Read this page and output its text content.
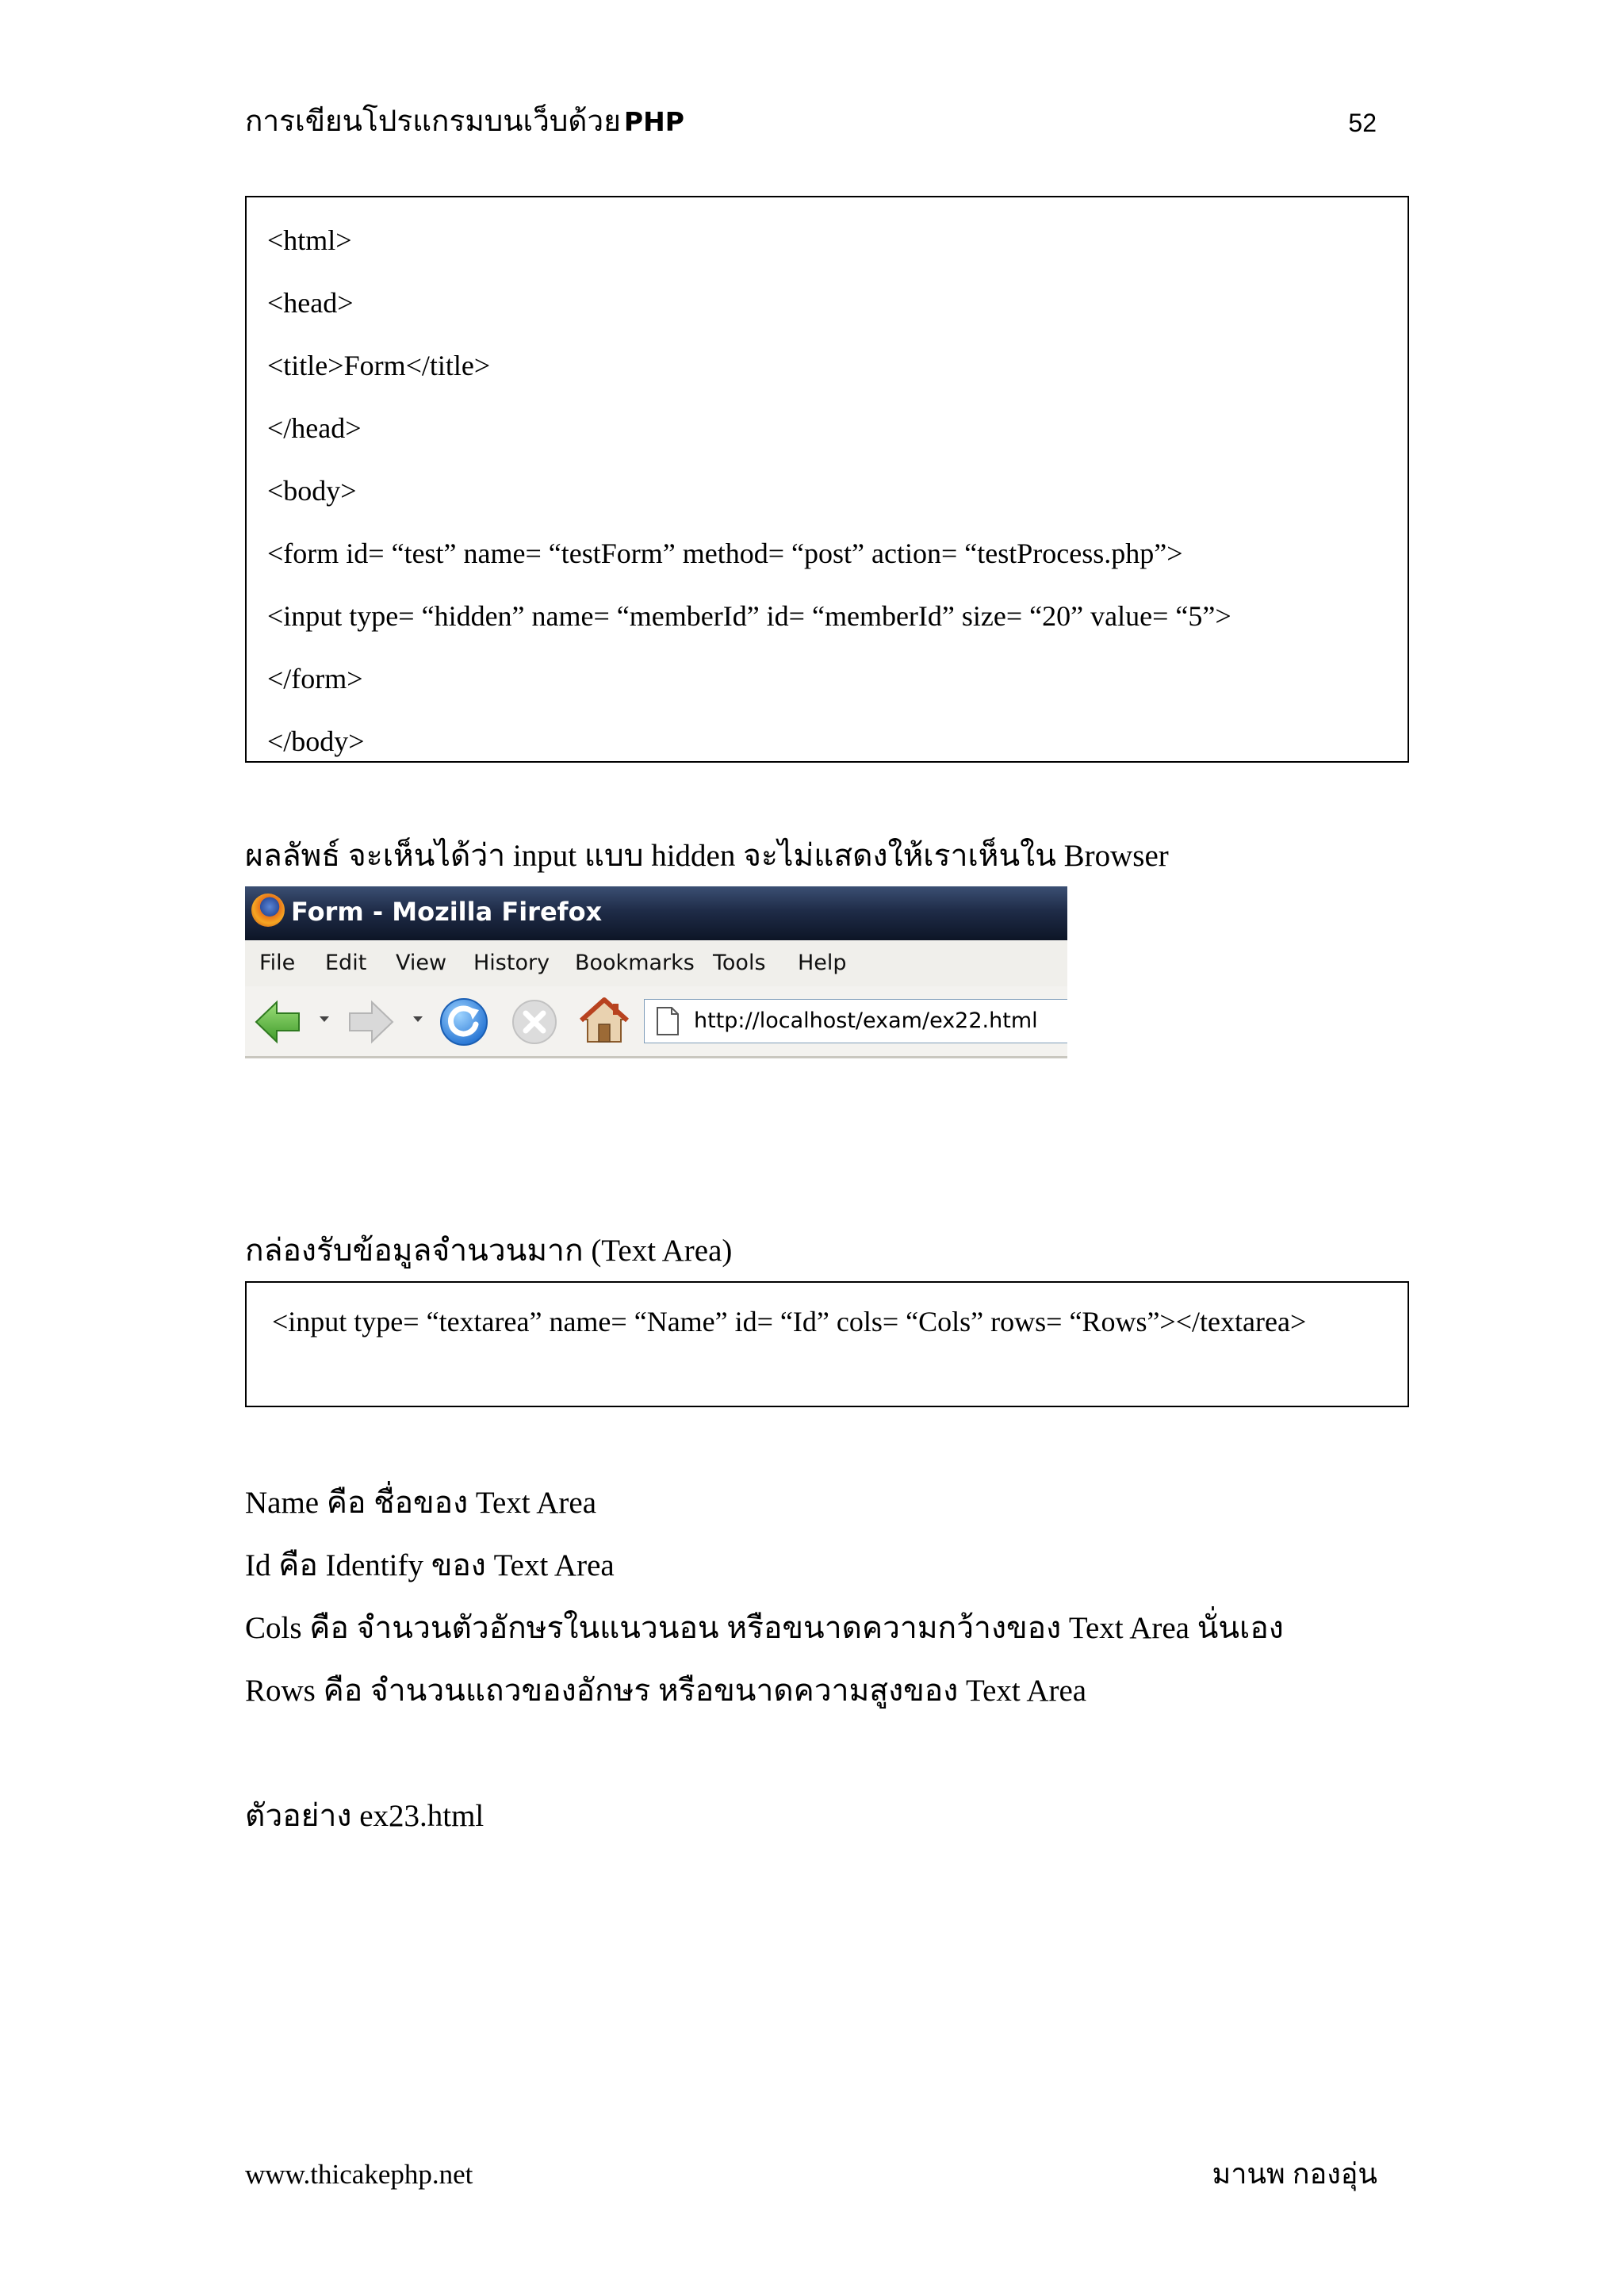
การเขียนโปรแกรมบนเว็บด้วย PHP	52
<html>
<head>
<title>Form</title>
</head>
<body>
<form id= “test” name= “testForm” method= “post” action= “testProcess.php”>
<input type= “hidden” name= “memberId” id= “memberId” size= “20” value= “5”>
</form>
</body>
ผลลัพธ์ จะเห็นได้ว่า input แบบ hidden จะไม่แสดงให้เราเห็นใน Browser
Form - Mozilla Firefox
File Edit View History Bookmarks Tools Help
http://localhost/exam/ex22.html
กล่องรับข้อมูลจำนวนมาก (Text Area)
<input type= “textarea” name= “Name” id= “Id” cols= “Cols” rows= “Rows”></textarea>
Name คือ ชื่อของ Text Area
Id คือ Identify ของ Text Area
Cols คือ จำนวนตัวอักษรในแนวนอน หรือขนาดความกว้างของ Text Area นั่นเอง
Rows คือ จำนวนแถวของอักษร หรือขนาดความสูงของ Text Area
ตัวอย่าง ex23.html
www.thicakephp.net	มานพ กองอุ่น
